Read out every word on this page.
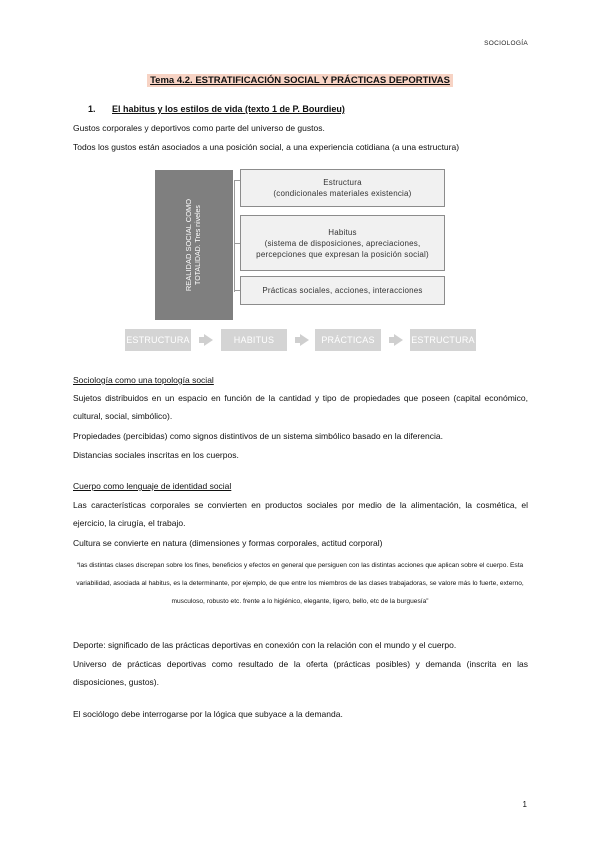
SOCIOLOGÍA
Tema 4.2. ESTRATIFICACIÓN SOCIAL Y PRÁCTICAS DEPORTIVAS
1. El habitus y los estilos de vida (texto 1 de P. Bourdieu)
Gustos corporales y deportivos como parte del universo de gustos.
Todos los gustos están asociados a una posición social, a una experiencia cotidiana (a una estructura)
REALIDAD SOCIAL COMO TOTALIDAD. Tres niveles
Estructura
(condicionales materiales existencia)
Habitus
(sistema de disposiciones, apreciaciones, percepciones que expresan la posición social)
Prácticas sociales, acciones, interacciones
ESTRUCTURA	HABITUS	PRÁCTICAS	ESTRUCTURA
Sociología como una topología social
Sujetos distribuidos en un espacio en función de la cantidad y tipo de propiedades que poseen (capital económico, cultural, social, simbólico).
Propiedades (percibidas) como signos distintivos de un sistema simbólico basado en la diferencia.
Distancias sociales inscritas en los cuerpos.
Cuerpo como lenguaje de identidad social
Las características corporales se convierten en productos sociales por medio de la alimentación, la cosmética, el ejercicio, la cirugía, el trabajo.
Cultura se convierte en natura (dimensiones y formas corporales, actitud corporal)
“las distintas clases discrepan sobre los fines, beneficios y efectos en general que persiguen con las distintas acciones que aplican sobre el cuerpo. Esta variabilidad, asociada al habitus, es la determinante, por ejemplo, de que entre los miembros de las clases trabajadoras, se valore más lo fuerte, externo, musculoso, robusto etc. frente a lo higiénico, elegante, ligero, bello, etc de la burguesía”
Deporte: significado de las prácticas deportivas en conexión con la relación con el mundo y el cuerpo.
Universo de prácticas deportivas como resultado de la oferta (prácticas posibles) y demanda (inscrita en las disposiciones, gustos).
El sociólogo debe interrogarse por la lógica que subyace a la demanda.
1
